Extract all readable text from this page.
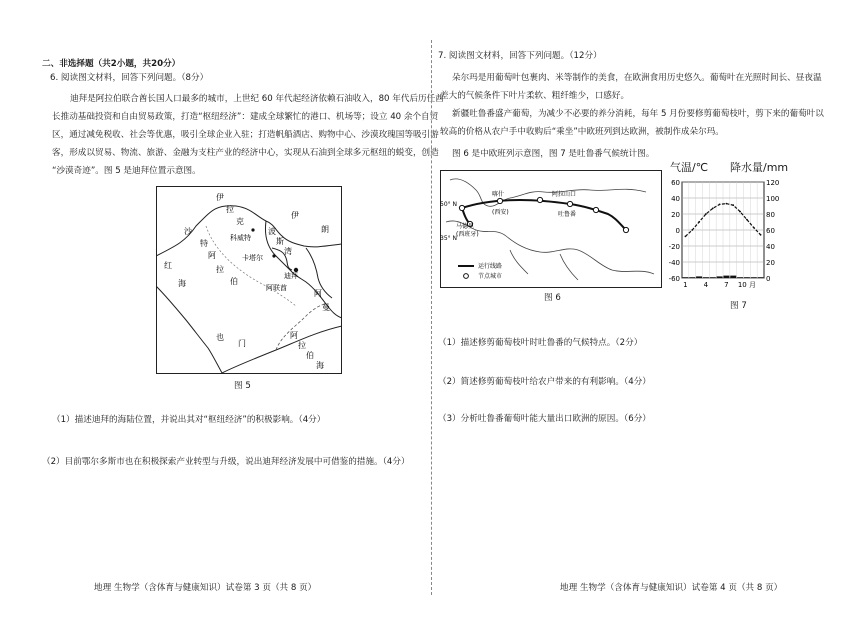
二、非选择题（共2小题，共20分）
6. 阅读图文材料，回答下列问题。（8分）
迪拜是阿拉伯联合酋长国人口最多的城市，上世纪 60 年代起经济依赖石油收入，80 年代后历任酋
长推动基础投资和自由贸易政策，打造“枢纽经济”：建成全球繁忙的港口、机场等；设立 40 余个自贸
区，通过减免税收、社会等优惠，吸引全球企业入驻；打造帆船酒店、购物中心、沙漠玫瑰国等吸引游
客，形成以贸易、物流、旅游、金融为支柱产业的经济中心，实现从石油到全球多元枢纽的蜕变，创造
“沙漠奇迹”。图 5 是迪拜位置示意图。
伊
拉
克
伊
朗
沙
特
阿
拉
伯
红
海
科威特
波
斯
湾
卡塔尔
迪拜
阿联酋
阿
曼
也
门
阿
拉
伯
海
图 5
（1）描述迪拜的海陆位置，并说出其对“枢纽经济”的积极影响。（4分）
（2）目前鄂尔多斯市也在积极探索产业转型与升级，说出迪拜经济发展中可借鉴的措施。（4分）
地理 生物学（含体育与健康知识）试卷第 3 页（共 8 页）
7. 阅读图文材料，回答下列问题。（12分）
朵尔玛是用葡萄叶包裹肉、米等制作的美食，在欧洲食用历史悠久。葡萄叶在光照时间长、昼夜温
差大的气候条件下叶片柔软、粗纤维少，口感好。
新疆吐鲁番盛产葡萄，为减少不必要的养分消耗，每年 5 月份要修剪葡萄枝叶，剪下来的葡萄叶以
较高的价格从农户手中收购后“乘坐”中欧班列到达欧洲，被制作成朵尔玛。
图 6 是中欧班列示意图，图 7 是吐鲁番气候统计图。
50° N
35° N
喀什
(西安)	吐鲁番
阿拉山口
马德里
(西班牙)
运行线路
节点城市
图 6
气温/℃ 降水量/mm
60
40
20
0
-20
-40
-60
120
100
80
60
40
20
0
1 4 7 10 月
图 7
（1）描述修剪葡萄枝叶时吐鲁番的气候特点。（2分）
（2）简述修剪葡萄枝叶给农户带来的有利影响。（4分）
（3）分析吐鲁番葡萄叶能大量出口欧洲的原因。（6分）
地理 生物学（含体育与健康知识）试卷第 4 页（共 8 页）
